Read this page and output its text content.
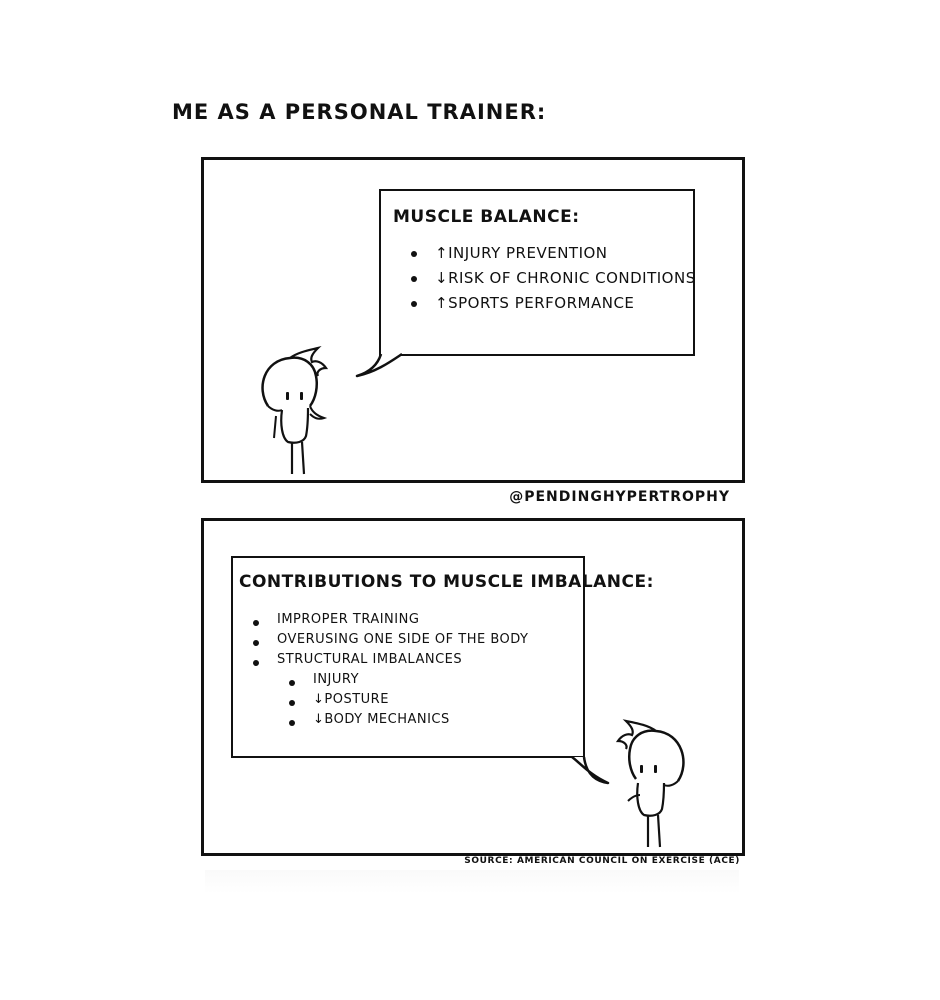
ME AS A PERSONAL TRAINER:
MUSCLE BALANCE:
↑INJURY PREVENTION
↓RISK OF CHRONIC CONDITIONS
↑SPORTS PERFORMANCE
@PENDINGHYPERTROPHY
CONTRIBUTIONS TO MUSCLE IMBALANCE:
IMPROPER TRAINING
OVERUSING ONE SIDE OF THE BODY
STRUCTURAL IMBALANCES
INJURY
↓POSTURE
↓BODY MECHANICS
SOURCE: AMERICAN COUNCIL ON EXERCISE (ACE)
